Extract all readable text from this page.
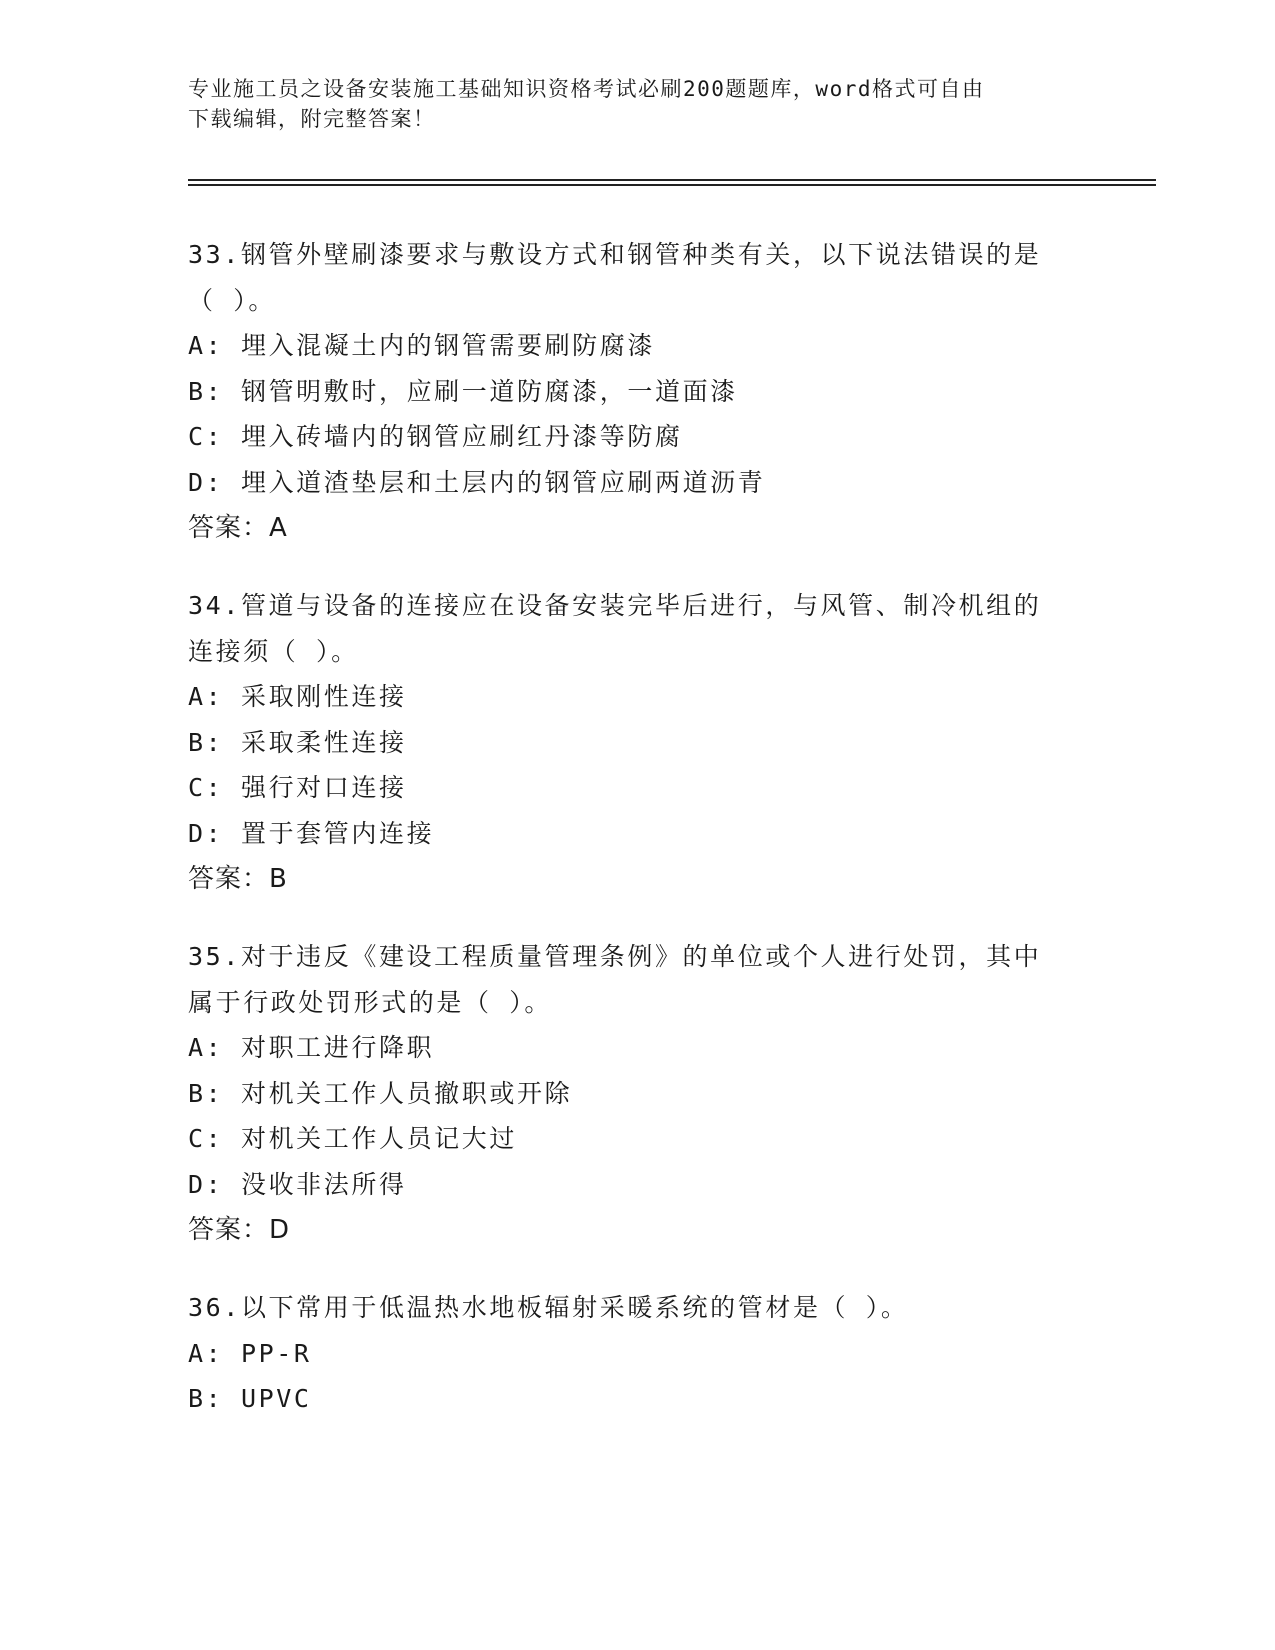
专业施工员之设备安装施工基础知识资格考试必刷200题题库，word格式可自由
下载编辑，附完整答案！
33.钢管外壁刷漆要求与敷设方式和钢管种类有关，以下说法错误的是
（ ）。
A: 埋入混凝土内的钢管需要刷防腐漆
B: 钢管明敷时，应刷一道防腐漆，一道面漆
C: 埋入砖墙内的钢管应刷红丹漆等防腐
D: 埋入道渣垫层和土层内的钢管应刷两道沥青
答案：A
34.管道与设备的连接应在设备安装完毕后进行，与风管、制冷机组的
连接须（ ）。
A: 采取刚性连接
B: 采取柔性连接
C: 强行对口连接
D: 置于套管内连接
答案：B
35.对于违反《建设工程质量管理条例》的单位或个人进行处罚，其中
属于行政处罚形式的是（ ）。
A: 对职工进行降职
B: 对机关工作人员撤职或开除
C: 对机关工作人员记大过
D: 没收非法所得
答案：D
36.以下常用于低温热水地板辐射采暖系统的管材是（ ）。
A: PP-R
B: UPVC
